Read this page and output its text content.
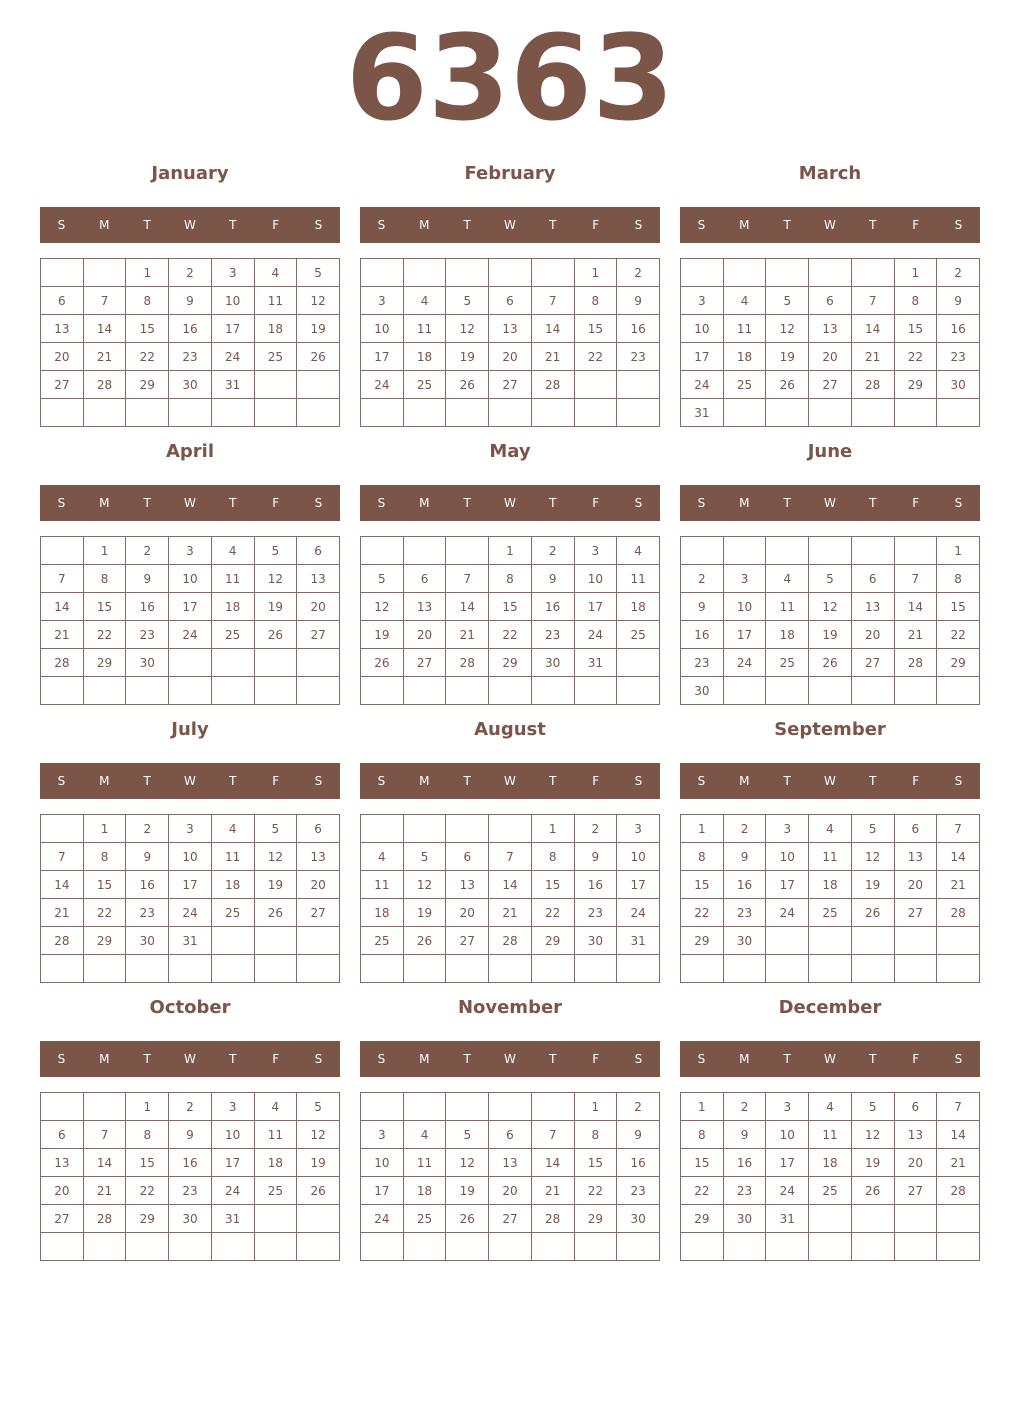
6363
January
S	M	T	W	T	F	S
		1	2	3	4	5
6	7	8	9	10	11	12
13	14	15	16	17	18	19
20	21	22	23	24	25	26
27	28	29	30	31		

February
S	M	T	W	T	F	S
					1	2
3	4	5	6	7	8	9
10	11	12	13	14	15	16
17	18	19	20	21	22	23
24	25	26	27	28		

March
S	M	T	W	T	F	S
					1	2
3	4	5	6	7	8	9
10	11	12	13	14	15	16
17	18	19	20	21	22	23
24	25	26	27	28	29	30
31						
April
S	M	T	W	T	F	S
	1	2	3	4	5	6
7	8	9	10	11	12	13
14	15	16	17	18	19	20
21	22	23	24	25	26	27
28	29	30				

May
S	M	T	W	T	F	S
			1	2	3	4
5	6	7	8	9	10	11
12	13	14	15	16	17	18
19	20	21	22	23	24	25
26	27	28	29	30	31	

June
S	M	T	W	T	F	S
						1
2	3	4	5	6	7	8
9	10	11	12	13	14	15
16	17	18	19	20	21	22
23	24	25	26	27	28	29
30						
July
S	M	T	W	T	F	S
	1	2	3	4	5	6
7	8	9	10	11	12	13
14	15	16	17	18	19	20
21	22	23	24	25	26	27
28	29	30	31			

August
S	M	T	W	T	F	S
				1	2	3
4	5	6	7	8	9	10
11	12	13	14	15	16	17
18	19	20	21	22	23	24
25	26	27	28	29	30	31

September
S	M	T	W	T	F	S
1	2	3	4	5	6	7
8	9	10	11	12	13	14
15	16	17	18	19	20	21
22	23	24	25	26	27	28
29	30					

October
S	M	T	W	T	F	S
		1	2	3	4	5
6	7	8	9	10	11	12
13	14	15	16	17	18	19
20	21	22	23	24	25	26
27	28	29	30	31		

November
S	M	T	W	T	F	S
					1	2
3	4	5	6	7	8	9
10	11	12	13	14	15	16
17	18	19	20	21	22	23
24	25	26	27	28	29	30

December
S	M	T	W	T	F	S
1	2	3	4	5	6	7
8	9	10	11	12	13	14
15	16	17	18	19	20	21
22	23	24	25	26	27	28
29	30	31				
